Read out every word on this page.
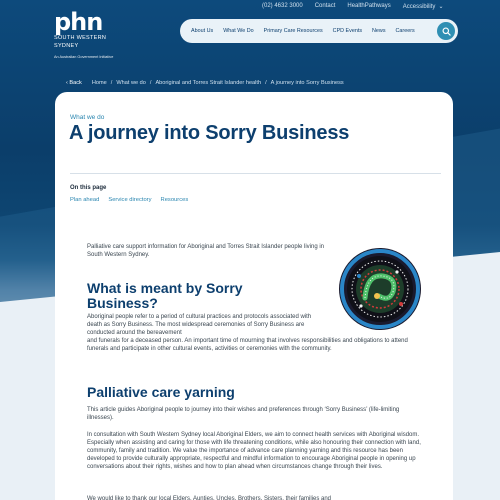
phn
SOUTH WESTERN
SYDNEY
An Australian Government Initiative
(02) 4632 3000 Contact HealthPathways Accessibility ⌄
About Us	What We Do	Primary Care Resources	CPD Events	News	Careers
‹ Back Home / What we do / Aboriginal and Torres Strait Islander health / A journey into Sorry Business
What we do
A journey into Sorry Business
On this page
Plan ahead Service directory Resources

Palliative care support information for Aboriginal and Torres Strait Islander people living in South Western Sydney.

What is meant by Sorry Business?

Aboriginal people refer to a period of cultural practices and protocols associated with death as Sorry Business. The most widespread ceremonies of Sorry Business are conducted around the bereavement

and funerals for a deceased person. An important time of mourning that involves responsibilities and obligations to attend funerals and participate in other cultural events, activities or ceremonies with the community.

Palliative care yarning

This article guides Aboriginal people to journey into their wishes and preferences through ‘Sorry Business’ (life-limiting illnesses).

In consultation with South Western Sydney local Aboriginal Elders, we aim to connect health services with Aboriginal wisdom. Especially when assisting and caring for those with life threatening conditions, while also honouring their connection with land, community, family and tradition. We value the importance of advance care planning yarning and this resource has been developed to provide culturally appropriate, respectful and mindful information to encourage Aboriginal people in opening up conversations about their rights, wishes and how to plan ahead when circumstances change through their lives.

We would like to thank our local Elders, Aunties, Uncles, Brothers, Sisters, their families and
